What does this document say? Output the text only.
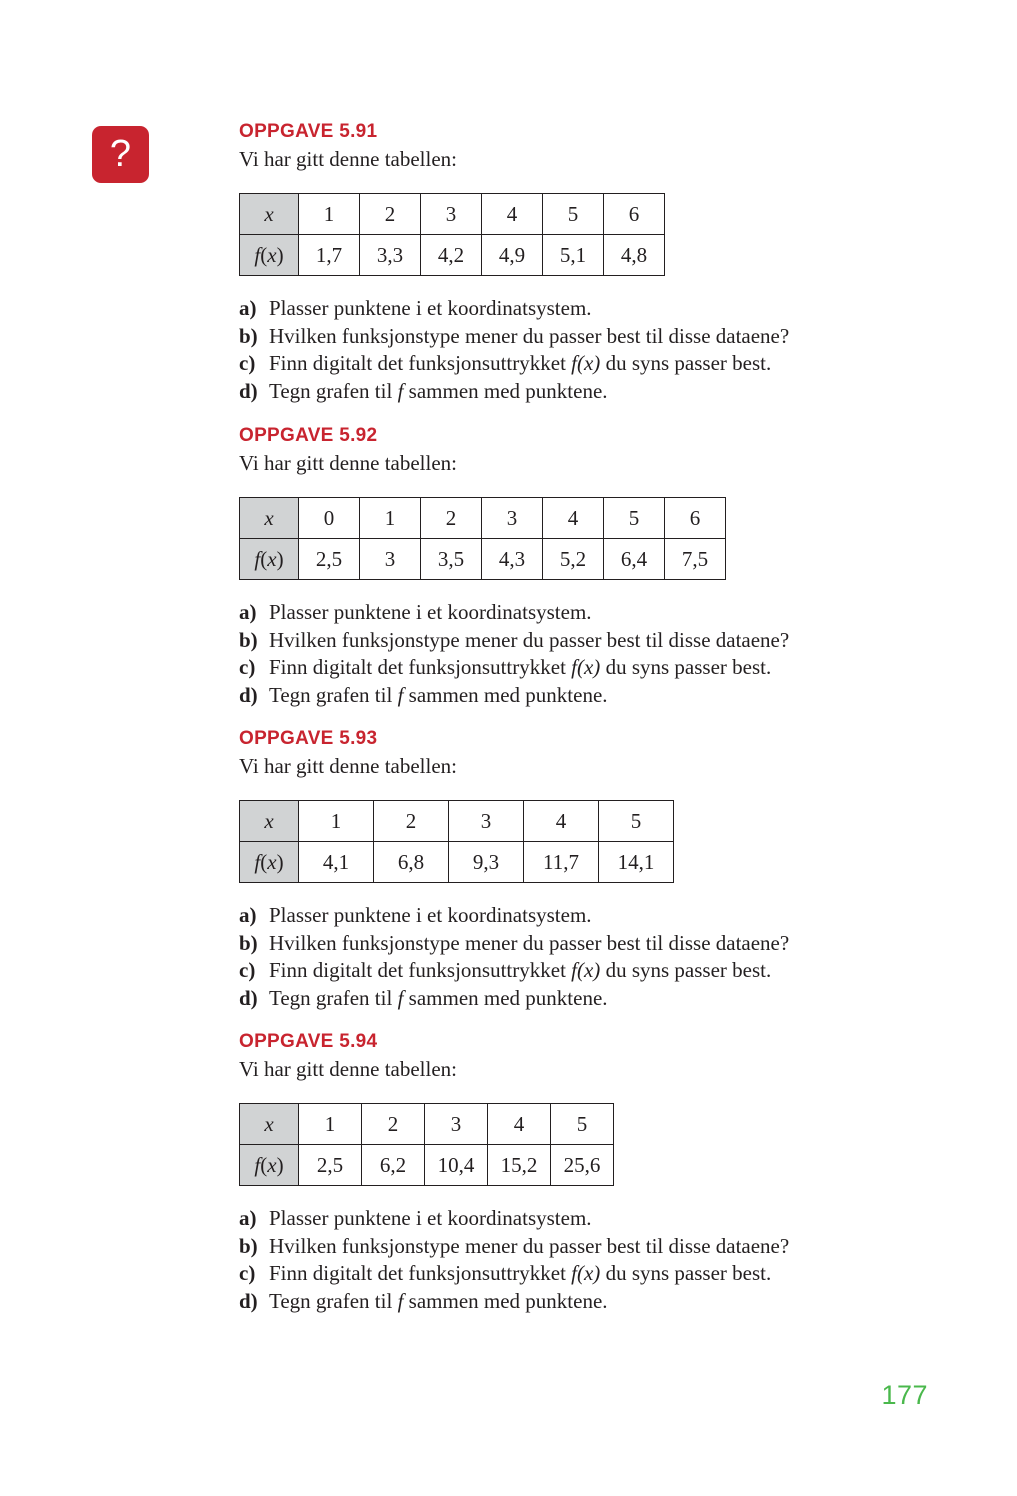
?
OPPGAVE 5.91
Vi har gitt denne tabellen:
x	1	2	3	4	5	6
f(x)	1,7	3,3	4,2	4,9	5,1	4,8
a) Plasser punktene i et koordinatsystem.
b) Hvilken funksjonstype mener du passer best til disse dataene?
c) Finn digitalt det funksjonsuttrykket f(x) du syns passer best.
d) Tegn grafen til f sammen med punktene.
OPPGAVE 5.92
Vi har gitt denne tabellen:
x	0	1	2	3	4	5	6
f(x)	2,5	3	3,5	4,3	5,2	6,4	7,5
a) Plasser punktene i et koordinatsystem.
b) Hvilken funksjonstype mener du passer best til disse dataene?
c) Finn digitalt det funksjonsuttrykket f(x) du syns passer best.
d) Tegn grafen til f sammen med punktene.
OPPGAVE 5.93
Vi har gitt denne tabellen:
x	1	2	3	4	5
f(x)	4,1	6,8	9,3	11,7	14,1
a) Plasser punktene i et koordinatsystem.
b) Hvilken funksjonstype mener du passer best til disse dataene?
c) Finn digitalt det funksjonsuttrykket f(x) du syns passer best.
d) Tegn grafen til f sammen med punktene.
OPPGAVE 5.94
Vi har gitt denne tabellen:
x	1	2	3	4	5
f(x)	2,5	6,2	10,4	15,2	25,6
a) Plasser punktene i et koordinatsystem.
b) Hvilken funksjonstype mener du passer best til disse dataene?
c) Finn digitalt det funksjonsuttrykket f(x) du syns passer best.
d) Tegn grafen til f sammen med punktene.
177
